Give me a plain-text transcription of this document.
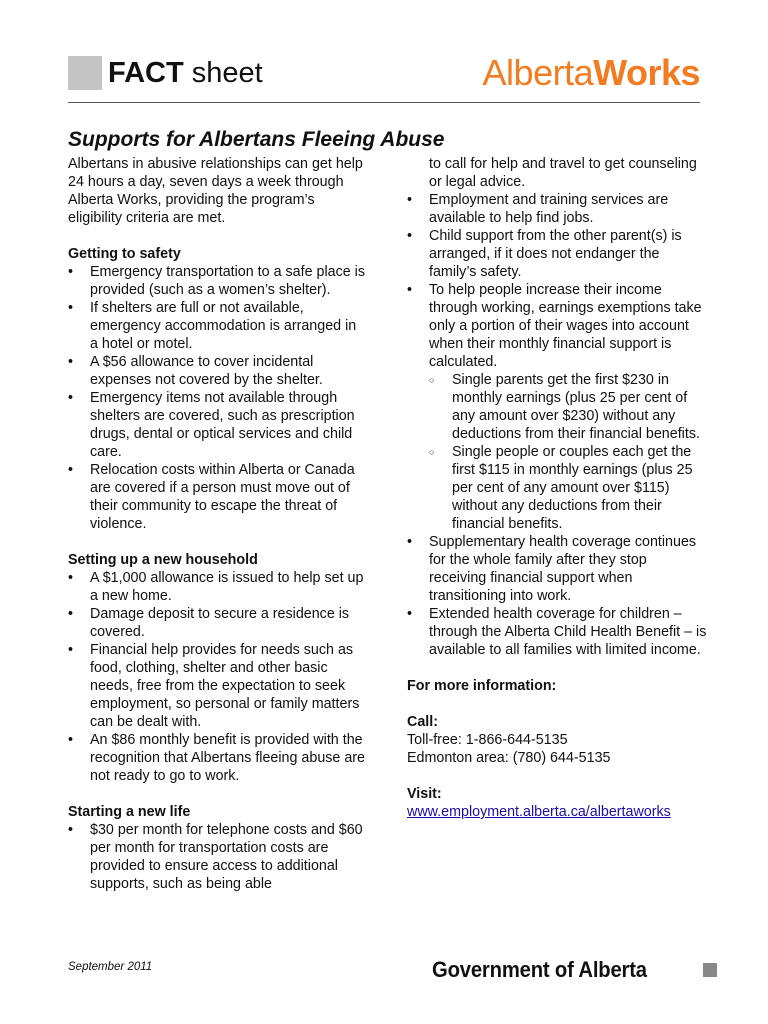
FACT sheet	AlbertaWorks
Supports for Albertans Fleeing Abuse

Albertans in abusive relationships can get help 24 hours a day, seven days a week through Alberta Works, providing the program’s eligibility criteria are met.

Getting to safety
• Emergency transportation to a safe place is provided (such as a women’s shelter).
• If shelters are full or not available, emergency accommodation is arranged in a hotel or motel.
• A $56 allowance to cover incidental expenses not covered by the shelter.
• Emergency items not available through shelters are covered, such as prescription drugs, dental or optical services and child care.
• Relocation costs within Alberta or Canada are covered if a person must move out of their community to escape the threat of violence.
Setting up a new household
• A $1,000 allowance is issued to help set up a new home.
• Damage deposit to secure a residence is covered.
• Financial help provides for needs such as food, clothing, shelter and other basic needs, free from the expectation to seek employment, so personal or family matters can be dealt with.
• An $86 monthly benefit is provided with the recognition that Albertans fleeing abuse are not ready to go to work.
Starting a new life
• $30 per month for telephone costs and $60 per month for transportation costs are provided to ensure access to additional supports, such as being able

to call for help and travel to get counseling or legal advice.

• Employment and training services are available to help find jobs.
• Child support from the other parent(s) is arranged, if it does not endanger the family’s safety.
• To help people increase their income through working, earnings exemptions take only a portion of their wages into account when their monthly financial support is calculated.
○ Single parents get the first $230 in monthly earnings (plus 25 per cent of any amount over $230) without any deductions from their financial benefits.
○ Single people or couples each get the first $115 in monthly earnings (plus 25 per cent of any amount over $115) without any deductions from their financial benefits.
• Supplementary health coverage continues for the whole family after they stop receiving financial support when transitioning into work.
• Extended health coverage for children – through the Alberta Child Health Benefit – is available to all families with limited income.

For more information:

Call:

Toll-free: 1-866-644-5135

Edmonton area: (780) 644-5135

Visit:

www.employment.alberta.ca/albertaworks

September 2011	Government of Alberta
